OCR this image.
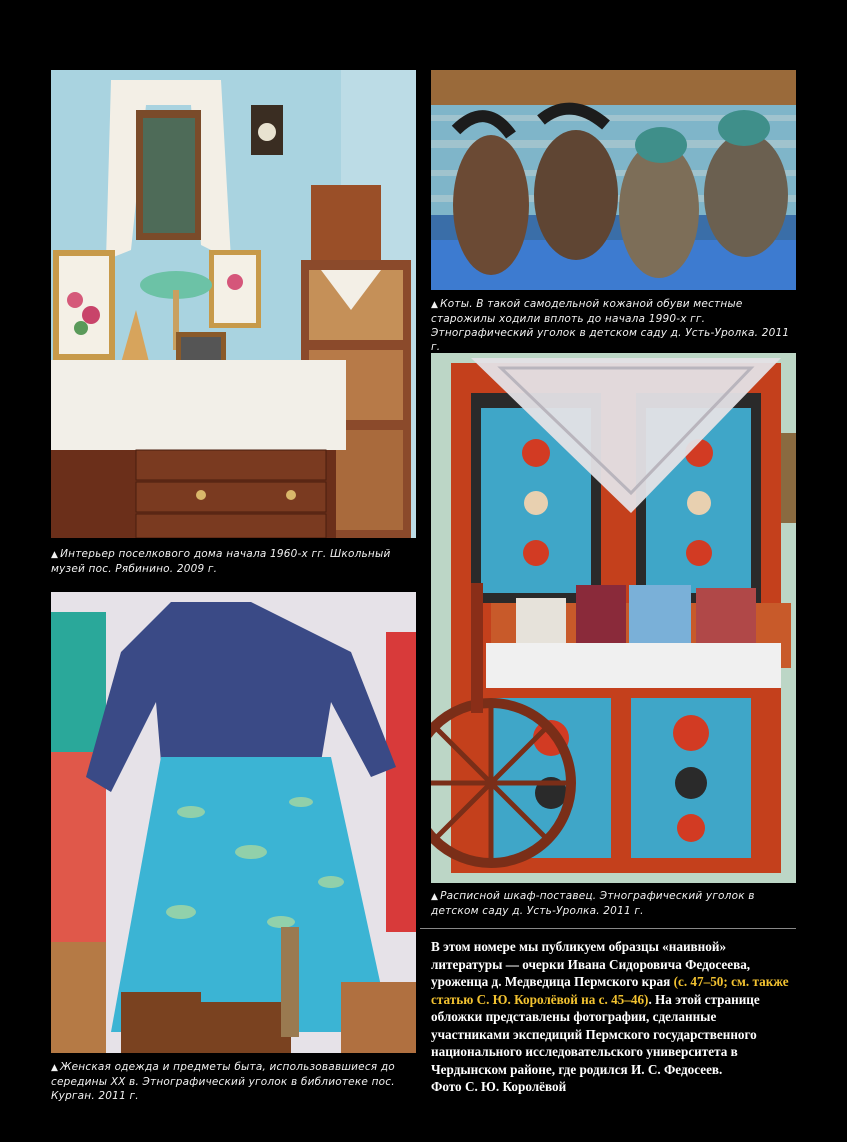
▲ Интерьер поселкового дома начала 1960-х гг. Школьный музей пос. Рябинино. 2009 г.
▲ Коты. В такой самодельной кожаной обуви местные старожилы ходили вплоть до начала 1990-х гг. Этнографический уголок в детском саду д. Усть-Уролка. 2011 г.
▲ Расписной шкаф-поставец. Этнографический уголок в детском саду д. Усть-Уролка. 2011 г.
▲ Женская одежда и предметы быта, использовавшиеся до середины XX в. Этнографический уголок в библиотеке пос. Курган. 2011 г.
В этом номере мы публикуем образцы «наивной» литературы — очерки Ивана Сидоровича Федосеева, уроженца д. Медведица Пермского края (с. 47–50; см. также статью С. Ю. Королёвой на с. 45–46). На этой странице обложки представлены фотографии, сделанные участниками экспедиций Пермского государственного национального исследовательского университета в Чердынском районе, где родился И. С. Федосеев.
Фото С. Ю. Королёвой
